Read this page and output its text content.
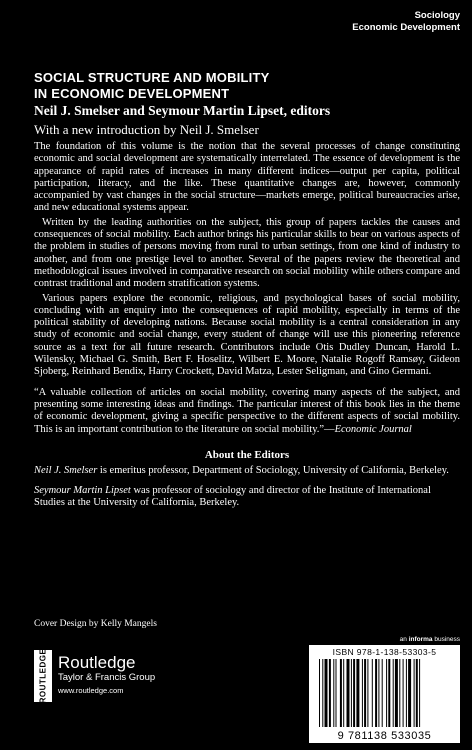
Sociology
Economic Development
SOCIAL STRUCTURE AND MOBILITY
IN ECONOMIC DEVELOPMENT
Neil J. Smelser and Seymour Martin Lipset, editors
With a new introduction by Neil J. Smelser

The foundation of this volume is the notion that the several processes of change constituting economic and social development are systematically interrelated. The essence of development is the appearance of rapid rates of increases in many different indices—output per capita, political participation, literacy, and the like. These quantitative changes are, however, commonly accompanied by vast changes in the social structure—markets emerge, political bureaucracies arise, and new educational systems appear.

Written by the leading authorities on the subject, this group of papers tackles the causes and consequences of social mobility. Each author brings his particular skills to bear on various aspects of the problem in studies of persons moving from rural to urban settings, from one kind of industry to another, and from one prestige level to another. Several of the papers review the theoretical and methodological issues involved in comparative research on social mobility while others compare and contrast traditional and modern stratification systems.

Various papers explore the economic, religious, and psychological bases of social mobility, concluding with an enquiry into the consequences of rapid mobility, especially in terms of the political stability of developing nations. Because social mobility is a central consideration in any study of economic and social change, every student of change will use this pioneering reference source as a text for all future research. Contributors include Otis Dudley Duncan, Harold L. Wilensky, Michael G. Smith, Bert F. Hoselitz, Wilbert E. Moore, Natalie Rogoff Ramsøy, Gideon Sjoberg, Reinhard Bendix, Harry Crockett, David Matza, Lester Seligman, and Gino Germani.

“A valuable collection of articles on social mobility, covering many aspects of the subject, and presenting some interesting ideas and findings. The particular interest of this book lies in the theme of economic development, giving a specific perspective to the different aspects of social mobility. This is an important contribution to the literature on social mobility.”—Economic Journal

About the Editors

Neil J. Smelser is emeritus professor, Department of Sociology, University of California, Berkeley.

Seymour Martin Lipset was professor of sociology and director of the Institute of International Studies at the University of California, Berkeley.

Cover Design by Kelly Mangels
an informa business
ROUTLEDGE Routledge
Taylor & Francis Group
www.routledge.com
ISBN 978-1-138-53303-5
9 781138 533035
